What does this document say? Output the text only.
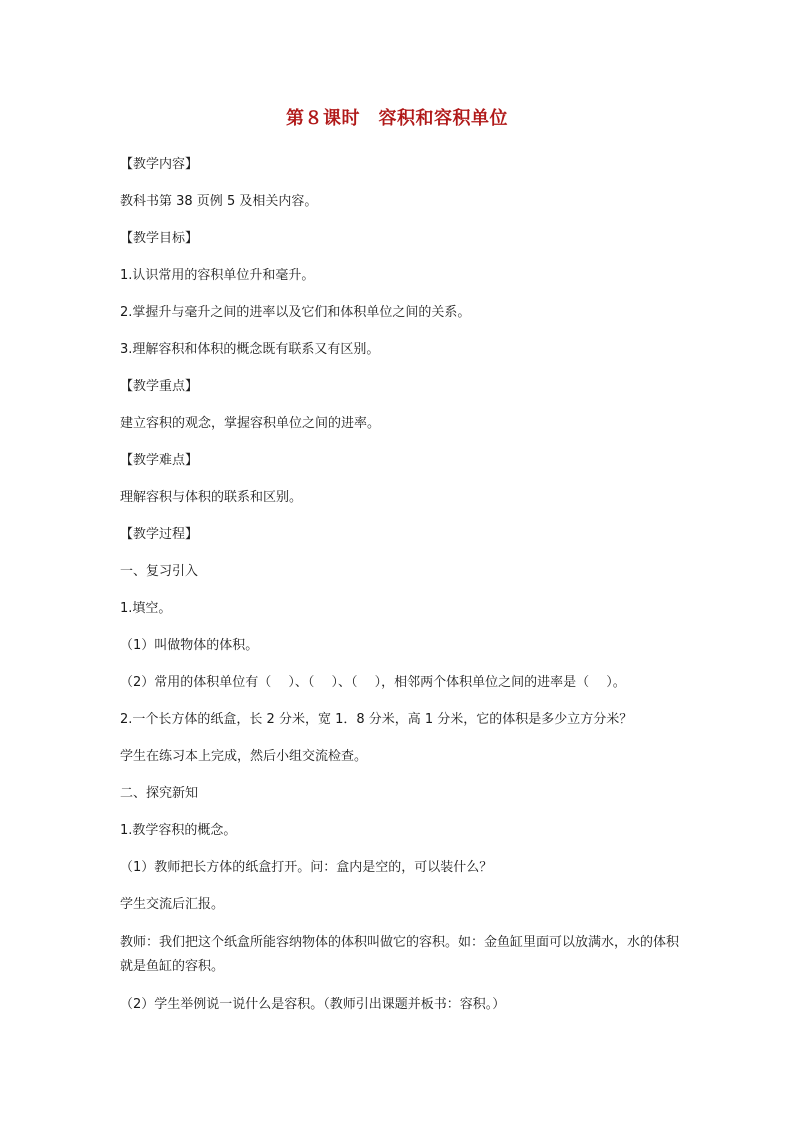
第８课时　容积和容积单位

【教学内容】

教科书第 38 页例 5 及相关内容。

【教学目标】

1.认识常用的容积单位升和毫升。

2.掌握升与毫升之间的进率以及它们和体积单位之间的关系。

3.理解容积和体积的概念既有联系又有区别。

【教学重点】

建立容积的观念，掌握容积单位之间的进率。

【教学难点】

理解容积与体积的联系和区别。

【教学过程】

一、复习引入

1.填空。

（1）叫做物体的体积。

（2）常用的体积单位有（　 ）、（　 ）、（　 ），相邻两个体积单位之间的进率是（　 ）。

2.一个长方体的纸盒，长 2 分米，宽 1．8 分米，高 1 分米，它的体积是多少立方分米？

学生在练习本上完成，然后小组交流检查。

二、探究新知

1.教学容积的概念。

（1）教师把长方体的纸盒打开。问：盒内是空的，可以装什么？

学生交流后汇报。

教师：我们把这个纸盒所能容纳物体的体积叫做它的容积。如：金鱼缸里面可以放满水，水的体积就是鱼缸的容积。

（2）学生举例说一说什么是容积。（教师引出课题并板书：容积。）
